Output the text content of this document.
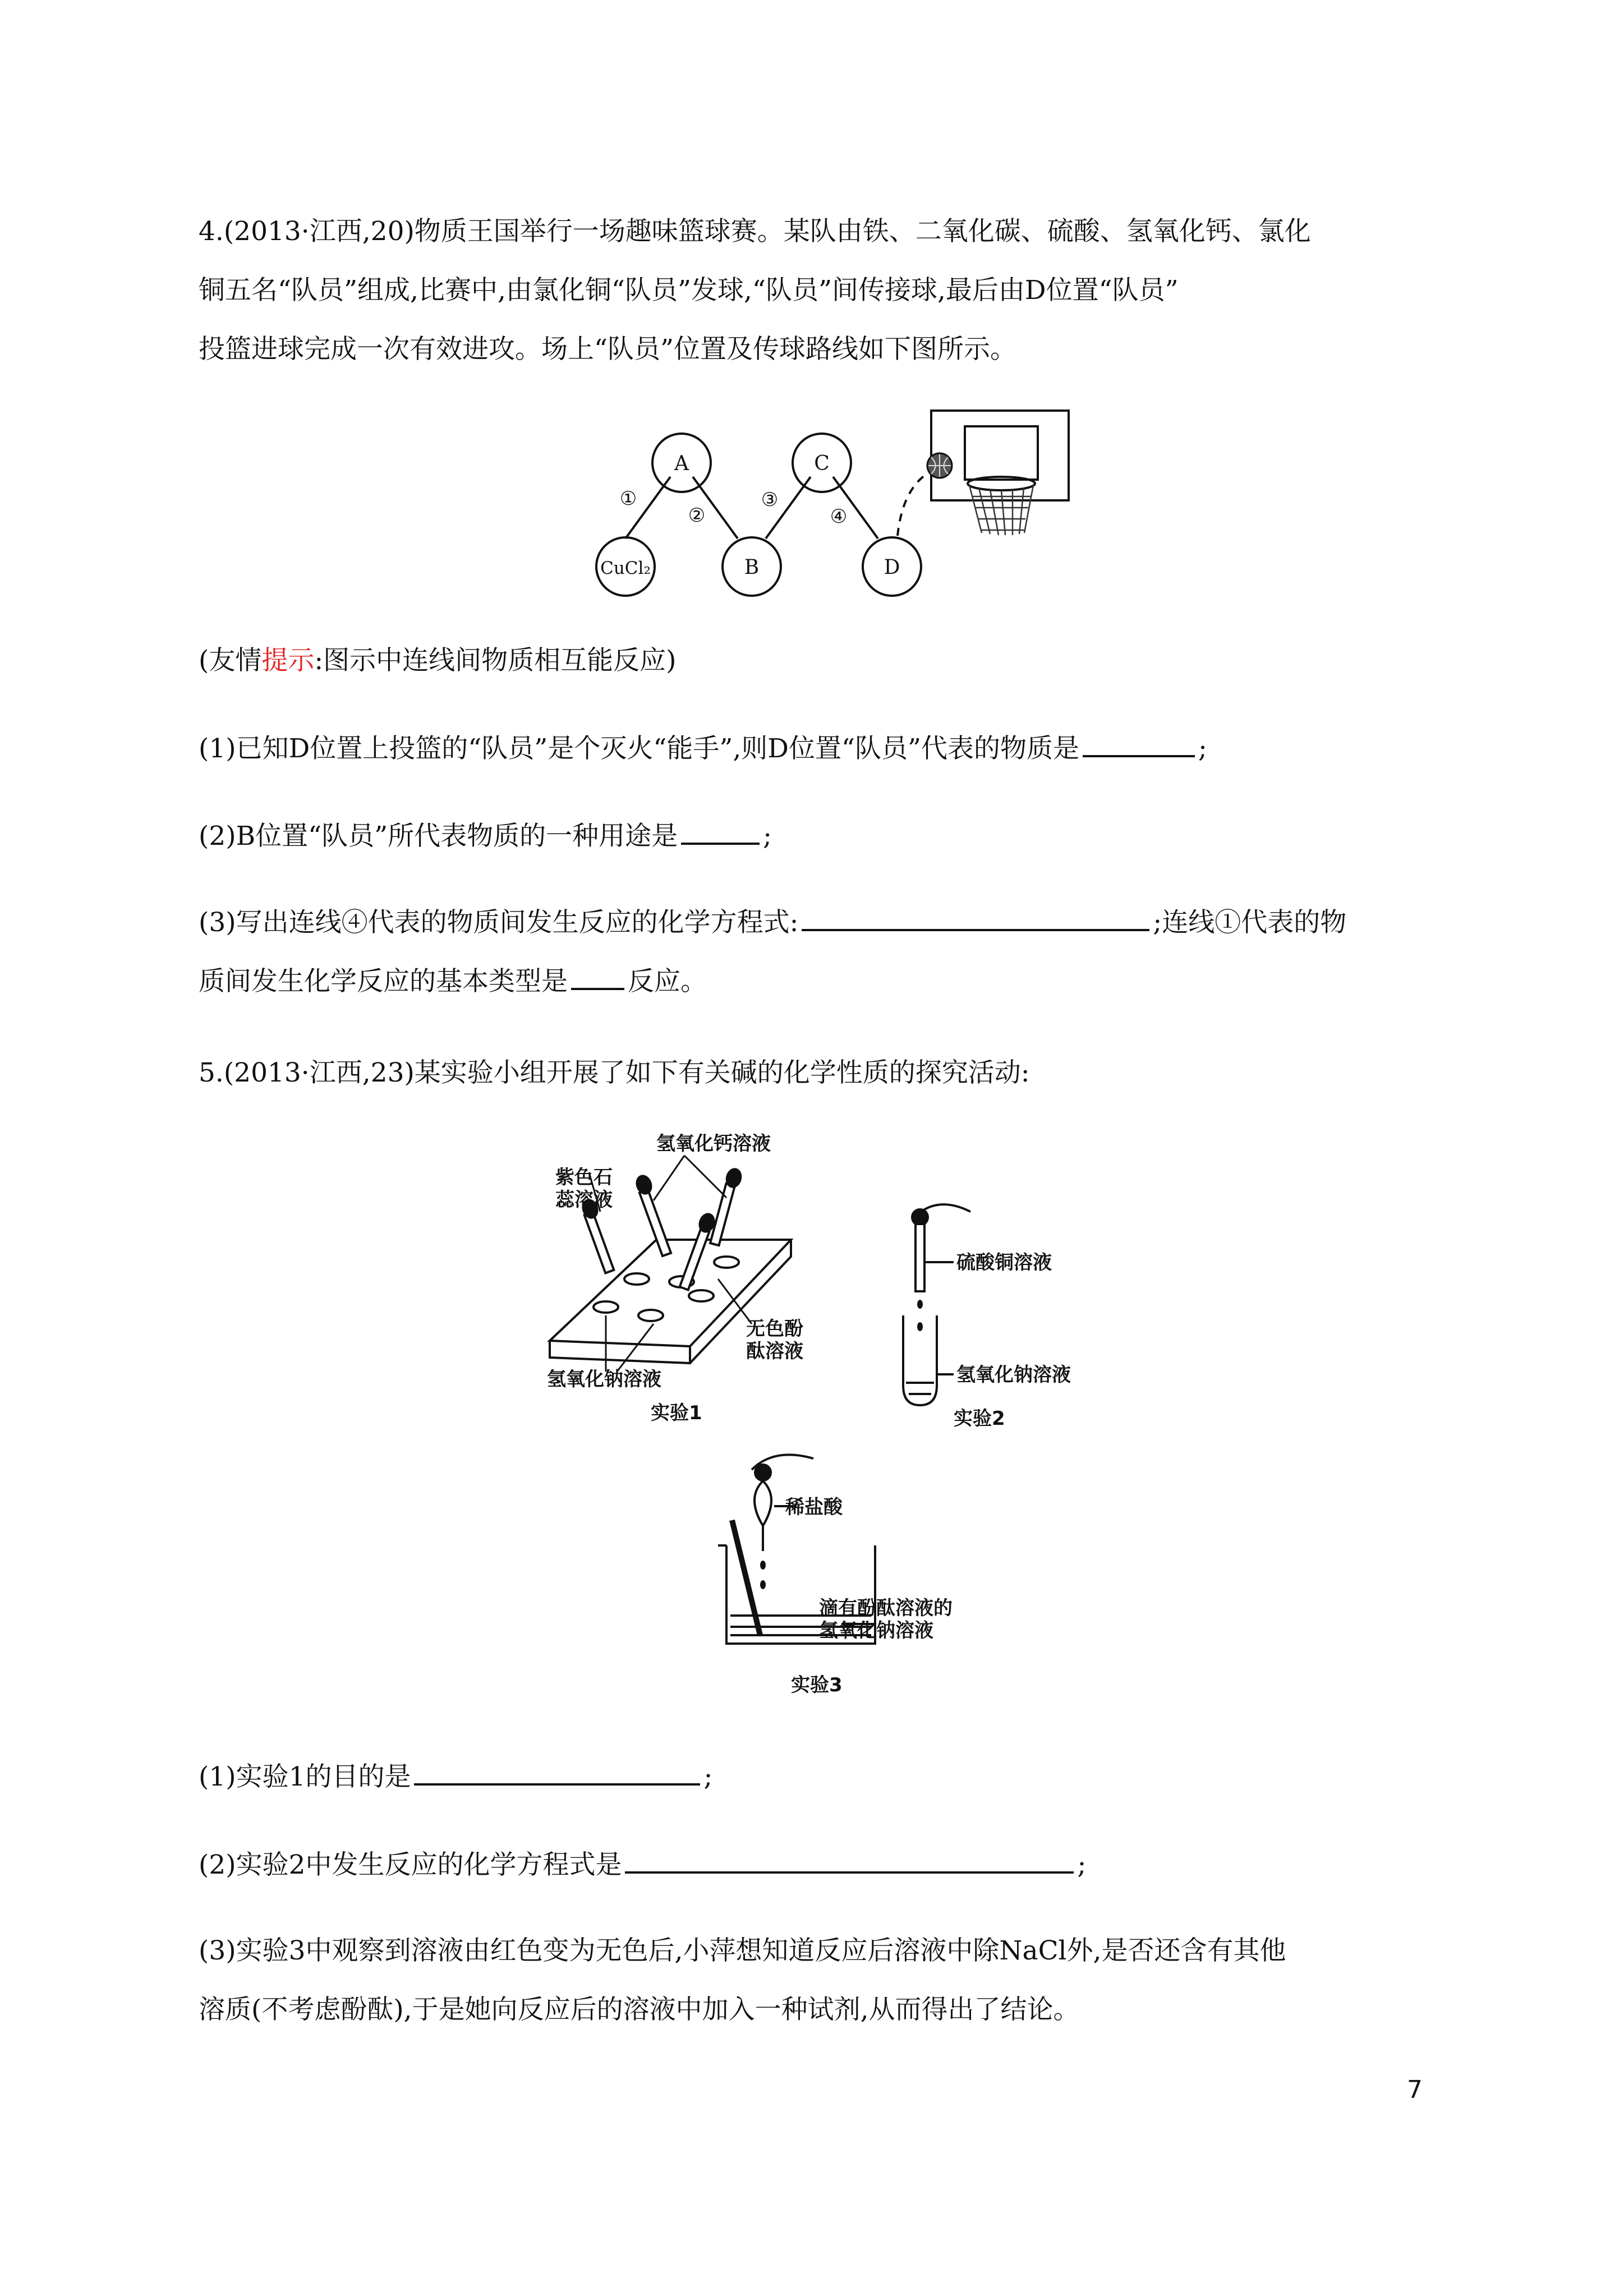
4.(2013·江西,20)物质王国举行一场趣味篮球赛。某队由铁、二氧化碳、硫酸、氢氧化钙、氯化
铜五名“队员”组成,比赛中,由氯化铜“队员”发球,“队员”间传接球,最后由D位置“队员”
投篮进球完成一次有效进攻。场上“队员”位置及传球路线如下图所示。
A	C
B	D
CuCl₂
①
②
③
④
(友情提示:图示中连线间物质相互能反应)
(1)已知D位置上投篮的“队员”是个灭火“能手”,则D位置“队员”代表的物质是	;
(2)B位置“队员”所代表物质的一种用途是	;
(3)写出连线④代表的物质间发生反应的化学方程式:	;连线①代表的物
质间发生化学反应的基本类型是 反应。
5.(2013·江西,23)某实验小组开展了如下有关碱的化学性质的探究活动:
氢氧化钙溶液
紫色石
蕊溶液
无色酚
酞溶液
氢氧化钠溶液
实验1
硫酸铜溶液
氢氧化钠溶液
实验2
稀盐酸
滴有酚酞溶液的
氢氧化钠溶液
实验3
(1)实验1的目的是	;
(2)实验2中发生反应的化学方程式是	;
(3)实验3中观察到溶液由红色变为无色后,小萍想知道反应后溶液中除NaCl外,是否还含有其他
溶质(不考虑酚酞),于是她向反应后的溶液中加入一种试剂,从而得出了结论。
7
